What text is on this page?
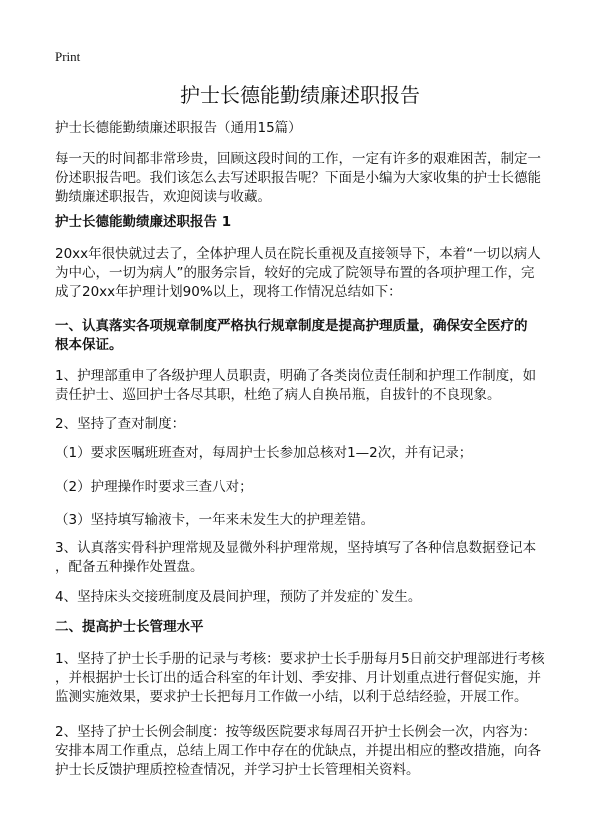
Print
护士长德能勤绩廉述职报告
护士长德能勤绩廉述职报告（通用15篇）
每一天的时间都非常珍贵，回顾这段时间的工作，一定有许多的艰难困苦，制定一
份述职报告吧。我们该怎么去写述职报告呢？下面是小编为大家收集的护士长德能
勤绩廉述职报告，欢迎阅读与收藏。
护士长德能勤绩廉述职报告 1
20xx年很快就过去了，全体护理人员在院长重视及直接领导下，本着“一切以病人
为中心，一切为病人”的服务宗旨，较好的完成了院领导布置的各项护理工作，完
成了20xx年护理计划90%以上，现将工作情况总结如下：
一、认真落实各项规章制度严格执行规章制度是提高护理质量，确保安全医疗的
根本保证。
1、护理部重申了各级护理人员职责，明确了各类岗位责任制和护理工作制度，如
责任护士、巡回护士各尽其职，杜绝了病人自换吊瓶，自拔针的不良现象。
2、坚持了查对制度：
（1）要求医嘱班班查对，每周护士长参加总核对1—2次，并有记录；
（2）护理操作时要求三查八对；
（3）坚持填写输液卡，一年来未发生大的护理差错。
3、认真落实骨科护理常规及显微外科护理常规，坚持填写了各种信息数据登记本
，配备五种操作处置盘。
4、坚持床头交接班制度及晨间护理，预防了并发症的`发生。
二、提高护士长管理水平
1、坚持了护士长手册的记录与考核：要求护士长手册每月5日前交护理部进行考核
，并根据护士长订出的适合科室的年计划、季安排、月计划重点进行督促实施，并
监测实施效果，要求护士长把每月工作做一小结，以利于总结经验，开展工作。
2、坚持了护士长例会制度：按等级医院要求每周召开护士长例会一次，内容为：
安排本周工作重点，总结上周工作中存在的优缺点，并提出相应的整改措施，向各
护士长反馈护理质控检查情况，并学习护士长管理相关资料。
